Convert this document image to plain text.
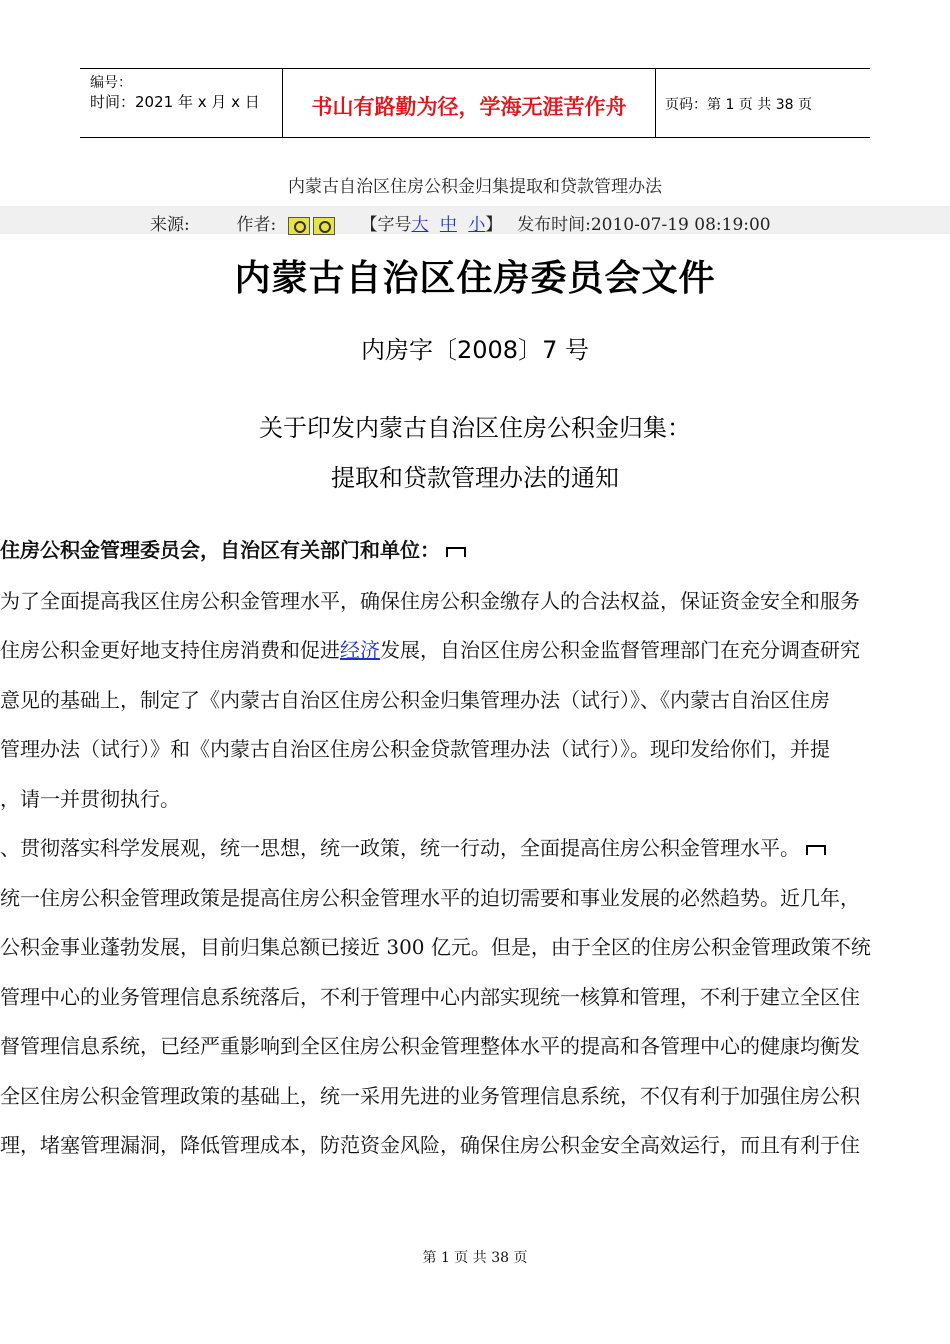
编号：
时间：2021 年 x 月 x 日	书山有路勤为径，学海无涯苦作舟	页码：第 1 页 共 38 页
内蒙古自治区住房公积金归集提取和贷款管理办法
来源:	作者:	【字号大 中 小】 发布时间:2010-07-19 08:19:00
内蒙古自治区住房委员会文件
内房字〔2008〕7 号
关于印发内蒙古自治区住房公积金归集：
提取和贷款管理办法的通知
住房公积金管理委员会，自治区有关部门和单位：
为了全面提高我区住房公积金管理水平，确保住房公积金缴存人的合法权益，保证资金安全和服务
住房公积金更好地支持住房消费和促进经济发展，自治区住房公积金监督管理部门在充分调查研究
意见的基础上，制定了《内蒙古自治区住房公积金归集管理办法（试行）》、《内蒙古自治区住房
管理办法（试行）》和《内蒙古自治区住房公积金贷款管理办法（试行）》。现印发给你们，并提
，请一并贯彻执行。
、贯彻落实科学发展观，统一思想，统一政策，统一行动，全面提高住房公积金管理水平。
统一住房公积金管理政策是提高住房公积金管理水平的迫切需要和事业发展的必然趋势。近几年，
公积金事业蓬勃发展，目前归集总额已接近 300 亿元。但是，由于全区的住房公积金管理政策不统
管理中心的业务管理信息系统落后，不利于管理中心内部实现统一核算和管理，不利于建立全区住
督管理信息系统，已经严重影响到全区住房公积金管理整体水平的提高和各管理中心的健康均衡发
全区住房公积金管理政策的基础上，统一采用先进的业务管理信息系统，不仅有利于加强住房公积
理，堵塞管理漏洞，降低管理成本，防范资金风险，确保住房公积金安全高效运行，而且有利于住
第 1 页 共 38 页
